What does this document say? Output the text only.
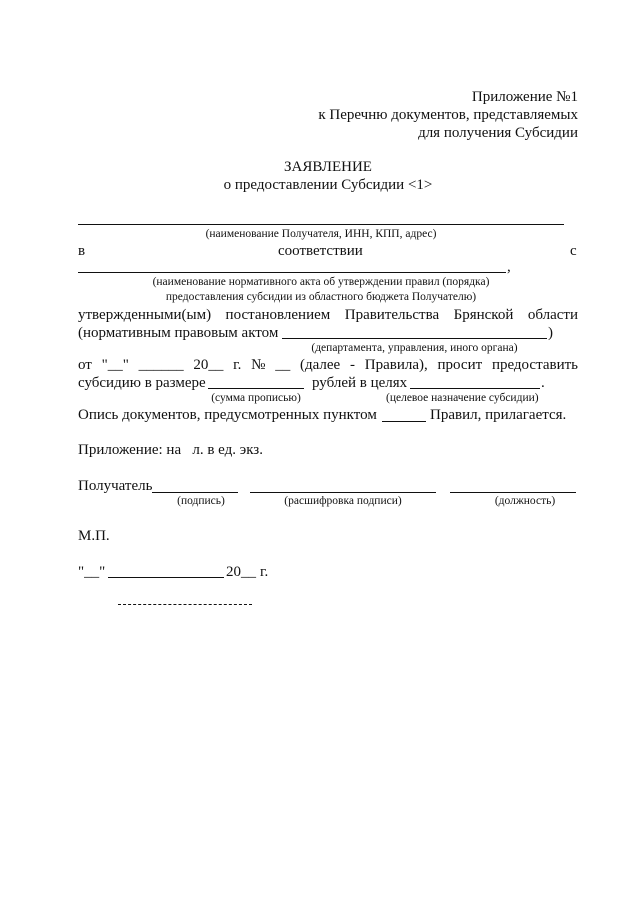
Приложение №1
к Перечню документов, представляемых
для получения Субсидии
ЗАЯВЛЕНИЕ
о предоставлении Субсидии <1>
(наименование Получателя, ИНН, КПП, адрес)
в	соответствии	с
,
(наименование нормативного акта об утверждении правил (порядка)
предоставления субсидии из областного бюджета Получателю)
утвержденными(ым) постановлением Правительства Брянской области
(нормативным правовым актом	)
(департамента, управления, иного органа)
от "__" ______ 20__ г. № __ (далее - Правила), просит предоставить
субсидию в размере	рублей в целях	.
(сумма прописью)	(целевое назначение субсидии)
Опись документов, предусмотренных пунктом	Правил, прилагается.
Приложение: на   л. в ед. экз.
Получатель
(подпись)	(расшифровка подписи)	(должность)
М.П.
"__"	20__ г.
